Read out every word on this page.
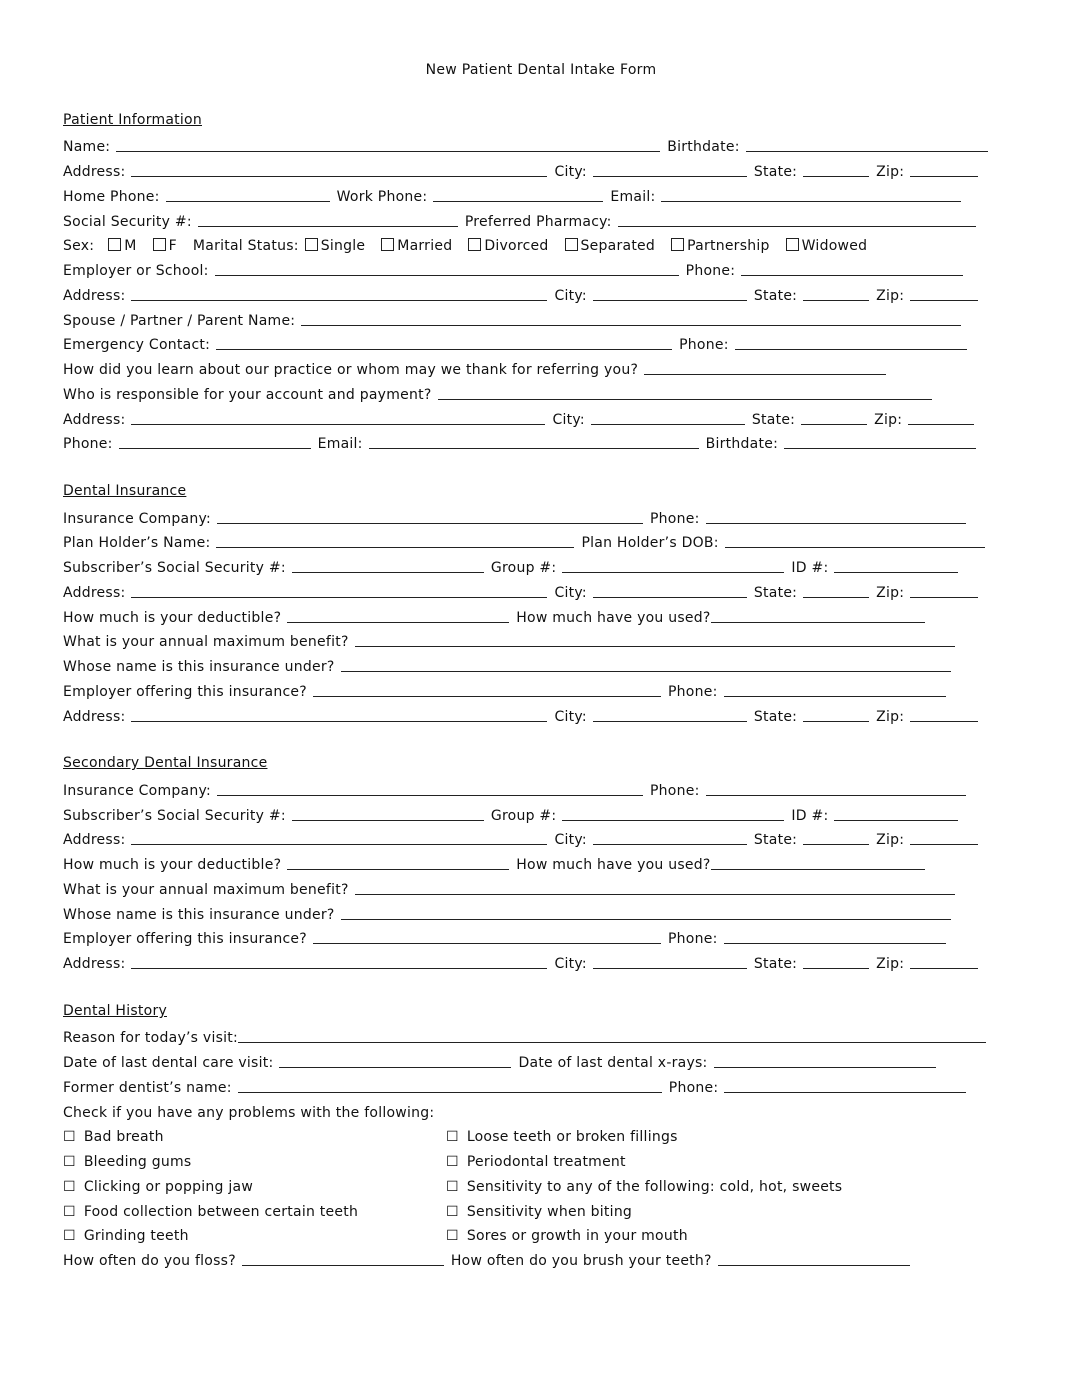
New Patient Dental Intake Form
Patient Information
Name:	Birthdate:
Address:	City:	State:	Zip:
Home Phone:	Work Phone:	Email:
Social Security #:	Preferred Pharmacy:
Sex: M F Marital Status: Single Married Divorced Separated Partnership Widowed
Employer or School:	Phone:
Address:	City:	State:	Zip:
Spouse / Partner / Parent Name:
Emergency Contact:	Phone:
How did you learn about our practice or whom may we thank for referring you?
Who is responsible for your account and payment?
Address:	City:	State:	Zip:
Phone:	Email:	Birthdate:
Dental Insurance
Insurance Company:	Phone:
Plan Holder’s Name:	Plan Holder’s DOB:
Subscriber’s Social Security #:	Group #:	ID #:
Address:	City:	State:	Zip:
How much is your deductible?	How much have you used?
What is your annual maximum benefit?
Whose name is this insurance under?
Employer offering this insurance?	Phone:
Address:	City:	State:	Zip:
Secondary Dental Insurance
Insurance Company:	Phone:
Subscriber’s Social Security #:	Group #:	ID #:
Address:	City:	State:	Zip:
How much is your deductible?	How much have you used?
What is your annual maximum benefit?
Whose name is this insurance under?
Employer offering this insurance?	Phone:
Address:	City:	State:	Zip:
Dental History
Reason for today’s visit:
Date of last dental care visit:	Date of last dental x-rays:
Former dentist’s name:	Phone:
Check if you have any problems with the following:
☐ Bad breath
☐ Bleeding gums
☐ Clicking or popping jaw
☐ Food collection between certain teeth
☐ Grinding teeth
☐ Loose teeth or broken fillings
☐ Periodontal treatment
☐ Sensitivity to any of the following: cold, hot, sweets
☐ Sensitivity when biting
☐ Sores or growth in your mouth
How often do you floss?	How often do you brush your teeth?
